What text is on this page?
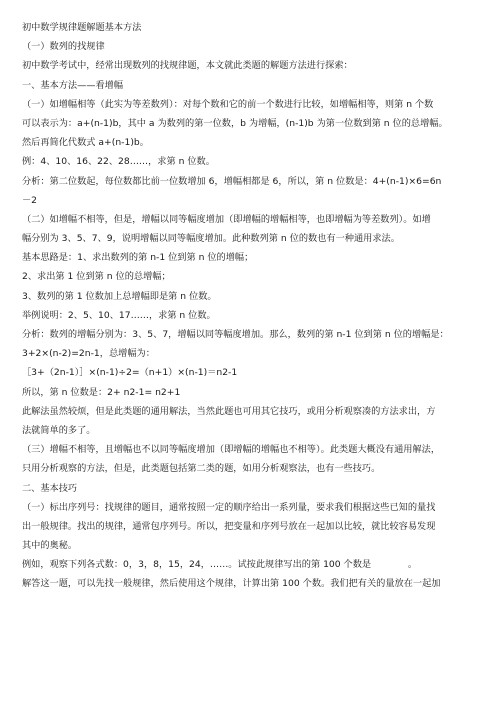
初中数学规律题解题基本方法
（一）数列的找规律
初中数学考试中，经常出现数列的找规律题，本文就此类题的解题方法进行探索：
一、基本方法——看增幅
（一）如增幅相等（此实为等差数列）：对每个数和它的前一个数进行比较，如增幅相等，则第 n 个数
可以表示为：a+(n-1)b，其中 a 为数列的第一位数，b 为增幅，(n-1)b 为第一位数到第 n 位的总增幅。
然后再简化代数式 a+(n-1)b。
例：4、10、16、22、28……，求第 n 位数。
分析：第二位数起，每位数都比前一位数增加 6，增幅相都是 6，所以，第 n 位数是：4+(n-1)×6=6n
－2
（二）如增幅不相等，但是，增幅以同等幅度增加（即增幅的增幅相等，也即增幅为等差数列）。如增
幅分别为 3、5、7、9，说明增幅以同等幅度增加。此种数列第 n 位的数也有一种通用求法。
基本思路是：1、求出数列的第 n-1 位到第 n 位的增幅；
2、求出第 1 位到第 n 位的总增幅；
3、数列的第 1 位数加上总增幅即是第 n 位数。
举例说明：2、5、10、17……，求第 n 位数。
分析：数列的增幅分别为：3、5、7，增幅以同等幅度增加。那么，数列的第 n-1 位到第 n 位的增幅是：
3+2×(n-2)=2n-1，总增幅为：
［3+（2n-1）］×(n-1)÷2=（n+1）×(n-1)＝n2-1
所以，第 n 位数是：2+ n2-1= n2+1
此解法虽然较烦，但是此类题的通用解法，当然此题也可用其它技巧，或用分析观察凑的方法求出，方
法就简单的多了。
（三）增幅不相等，且增幅也不以同等幅度增加（即增幅的增幅也不相等）。此类题大概没有通用解法，
只用分析观察的方法，但是，此类题包括第二类的题，如用分析观察法，也有一些技巧。
二、基本技巧
（一）标出序列号：找规律的题目，通常按照一定的顺序给出一系列量，要求我们根据这些已知的量找
出一般规律。找出的规律，通常包序列号。所以，把变量和序列号放在一起加以比较，就比较容易发现
其中的奥秘。
例如，观察下列各式数：0，3，8，15，24，……。试按此规律写出的第 100 个数是　　　　。
解答这一题，可以先找一般规律，然后使用这个规律，计算出第 100 个数。我们把有关的量放在一起加
